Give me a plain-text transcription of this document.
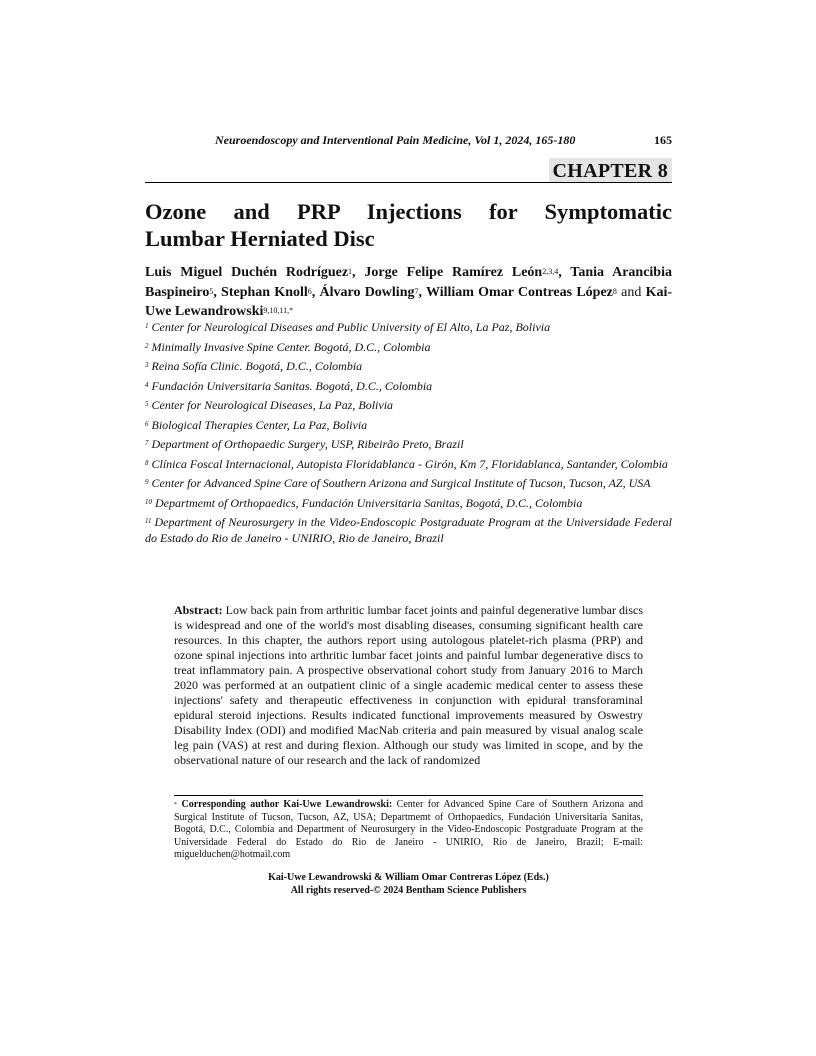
Neuroendoscopy and Interventional Pain Medicine, Vol 1, 2024, 165-180	165
CHAPTER 8
Ozone and PRP Injections for Symptomatic
Lumbar Herniated Disc
Luis Miguel Duchén Rodríguez$^1$, Jorge Felipe Ramírez León$^{2,3,4}$, Tania Arancibia Baspineiro$^5$, Stephan Knoll$^6$, Álvaro Dowling$^7$, William Omar Contreas López$^8$ and Kai-Uwe Lewandrowski$^{9,10,11,*}$
$^1$ Center for Neurological Diseases and Public University of El Alto, La Paz, Bolivia
$^2$ Minimally Invasive Spine Center. Bogotá, D.C., Colombia
$^3$ Reina Sofía Clinic. Bogotá, D.C., Colombia
$^4$ Fundación Universitaria Sanitas. Bogotá, D.C., Colombia
$^5$ Center for Neurological Diseases, La Paz, Bolivia
$^6$ Biological Therapies Center, La Paz, Bolivia
$^7$ Department of Orthopaedic Surgery, USP, Ribeirão Preto, Brazil
$^8$ Clínica Foscal Internacional, Autopista Floridablanca - Girón, Km 7, Floridablanca, Santander, Colombia
$^9$ Center for Advanced Spine Care of Southern Arizona and Surgical Institute of Tucson, Tucson, AZ, USA
$^{10}$ Departmemt of Orthopaedics, Fundación Universitaria Sanitas, Bogotá, D.C., Colombia
$^{11}$ Department of Neurosurgery in the Video-Endoscopic Postgraduate Program at the Universidade Federal do Estado do Rio de Janeiro - UNIRIO, Rio de Janeiro, Brazil
Abstract: Low back pain from arthritic lumbar facet joints and painful degenerative lumbar discs is widespread and one of the world's most disabling diseases, consuming significant health care resources. In this chapter, the authors report using autologous platelet-rich plasma (PRP) and ozone spinal injections into arthritic lumbar facet joints and painful lumbar degenerative discs to treat inflammatory pain. A prospective observational cohort study from January 2016 to March 2020 was performed at an outpatient clinic of a single academic medical center to assess these injections' safety and therapeutic effectiveness in conjunction with epidural transforaminal epidural steroid injections. Results indicated functional improvements measured by Oswestry Disability Index (ODI) and modified MacNab criteria and pain measured by visual analog scale leg pain (VAS) at rest and during flexion. Although our study was limited in scope, and by the observational nature of our research and the lack of randomized
* Corresponding author Kai-Uwe Lewandrowski: Center for Advanced Spine Care of Southern Arizona and Surgical Institute of Tucson, Tucson, AZ, USA; Departmemt of Orthopaedics, Fundación Universitaria Sanitas, Bogotá, D.C., Colombia and Department of Neurosurgery in the Video-Endoscopic Postgraduate Program at the Universidade Federal do Estado do Rio de Janeiro - UNIRIO, Rio de Janeiro, Brazil; E-mail: miguelduchen@hotmail.com
Kai-Uwe Lewandrowski & William Omar Contreras López (Eds.)
All rights reserved-© 2024 Bentham Science Publishers
